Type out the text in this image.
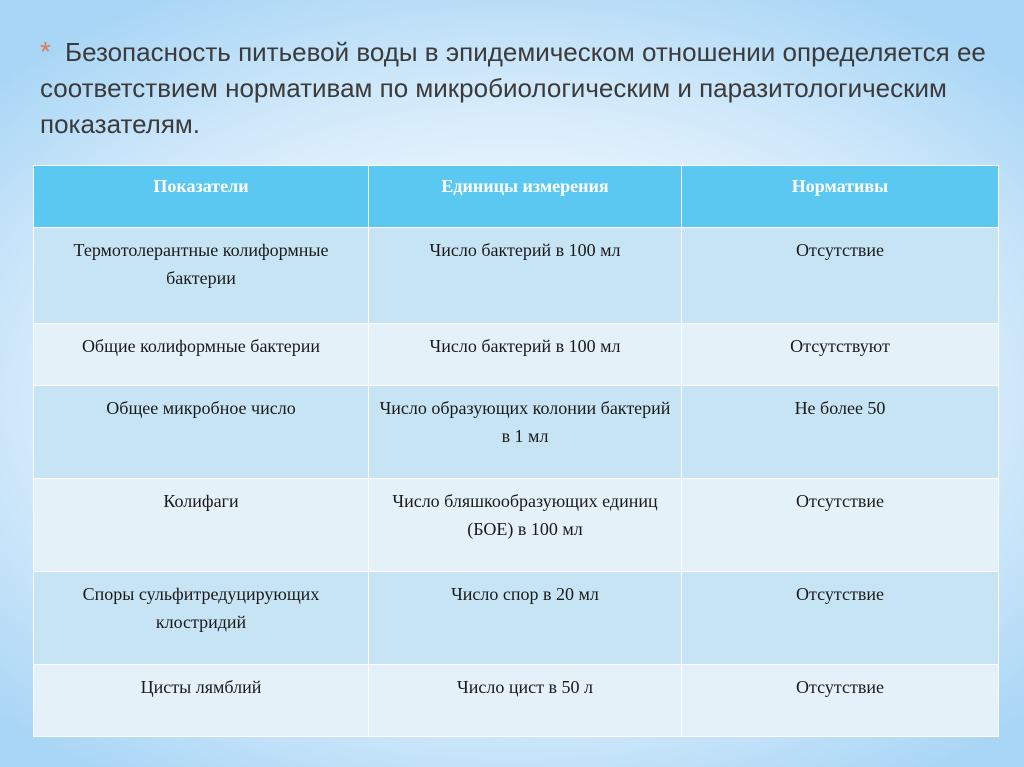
* Безопасность питьевой воды в эпидемическом отношении определяется ее соответствием нормативам по микробиологическим и паразитологическим показателям.
Показатели	Единицы измерения	Нормативы
Термотолерантные колиформные бактерии	Число бактерий в 100 мл	Отсутствие
Общие колиформные бактерии	Число бактерий в 100 мл	Отсутствуют
Общее микробное число	Число образующих колонии бактерий в 1 мл	Не более 50
Колифаги	Число бляшкообразующих единиц (БОЕ) в 100 мл	Отсутствие
Споры сульфитредуцирующих клостридий	Число спор в 20 мл	Отсутствие
Цисты лямблий	Число цист в 50 л	Отсутствие
